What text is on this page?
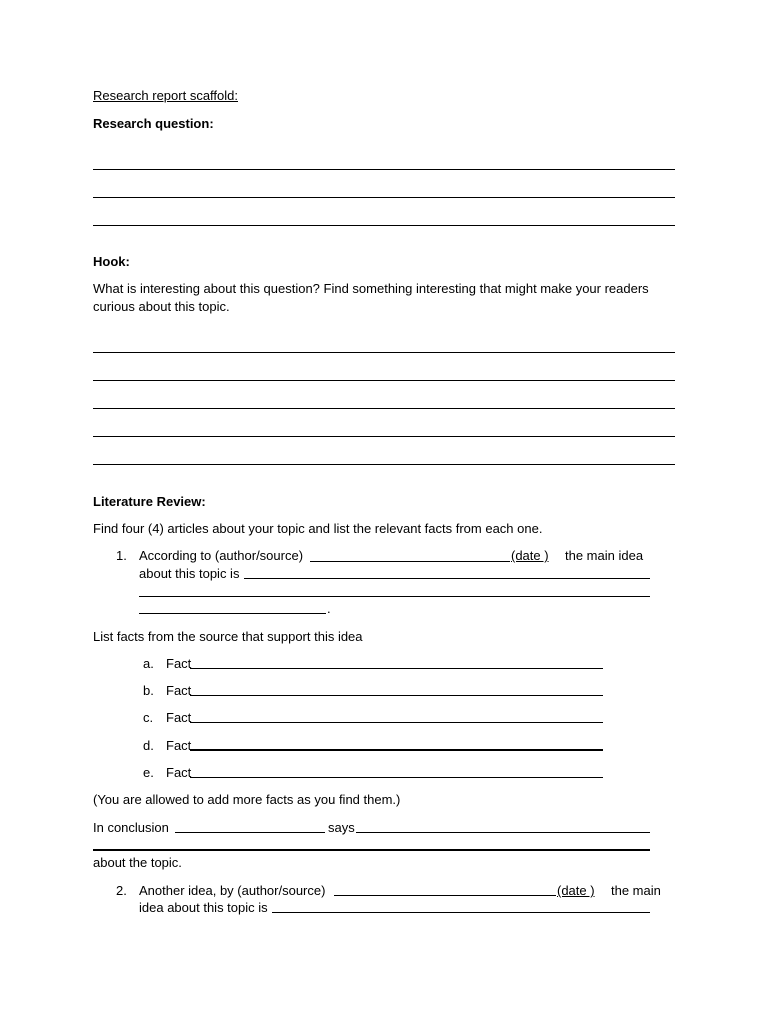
Research report scaffold:
Research question:
Hook:
What is interesting about this question? Find something interesting that might make your readers
curious about this topic.
Literature Review:
Find four (4) articles about your topic and list the relevant facts from each one.
1. According to (author/source)	(date ) the main idea
about this topic is
.
List facts from the source that support this idea
a. Fact
b. Fact
c. Fact
d. Fact
e. Fact
(You are allowed to add more facts as you find them.)
In conclusion	says
about the topic.
2. Another idea, by (author/source)	(date ) the main
idea about this topic is
